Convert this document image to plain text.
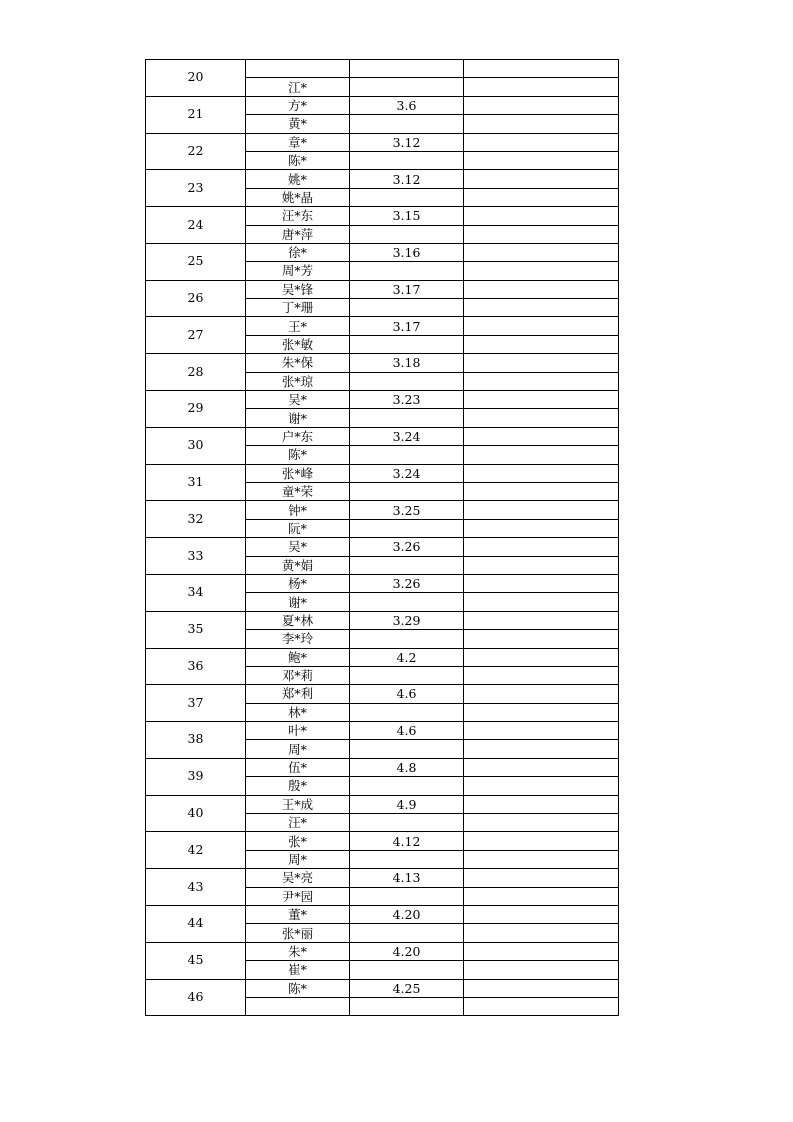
20			
	江*		
21	方*	3.6	
	黄*		
22	章*	3.12	
	陈*		
23	姚*	3.12	
	姚*晶		
24	汪*东	3.15	
	唐*萍		
25	徐*	3.16	
	周*芳		
26	吴*锋	3.17	
	丁*珊		
27	王*	3.17	
	张*敏		
28	朱*保	3.18	
	张*琼		
29	吴*	3.23	
	谢*		
30	户*东	3.24	
	陈*		
31	张*峰	3.24	
	童*荣		
32	钟*	3.25	
	阮*		
33	吴*	3.26	
	黄*娟		
34	杨*	3.26	
	谢*		
35	夏*林	3.29	
	李*玲		
36	鲍*	4.2	
	邓*莉		
37	郑*利	4.6	
	林*		
38	叶*	4.6	
	周*		
39	伍*	4.8	
	殷*		
40	王*成	4.9	
	汪*		
42	张*	4.12	
	周*		
43	吴*亮	4.13	
	尹*园		
44	董*	4.20	
	张*丽		
45	朱*	4.20	
	崔*		
46	陈*	4.25	
